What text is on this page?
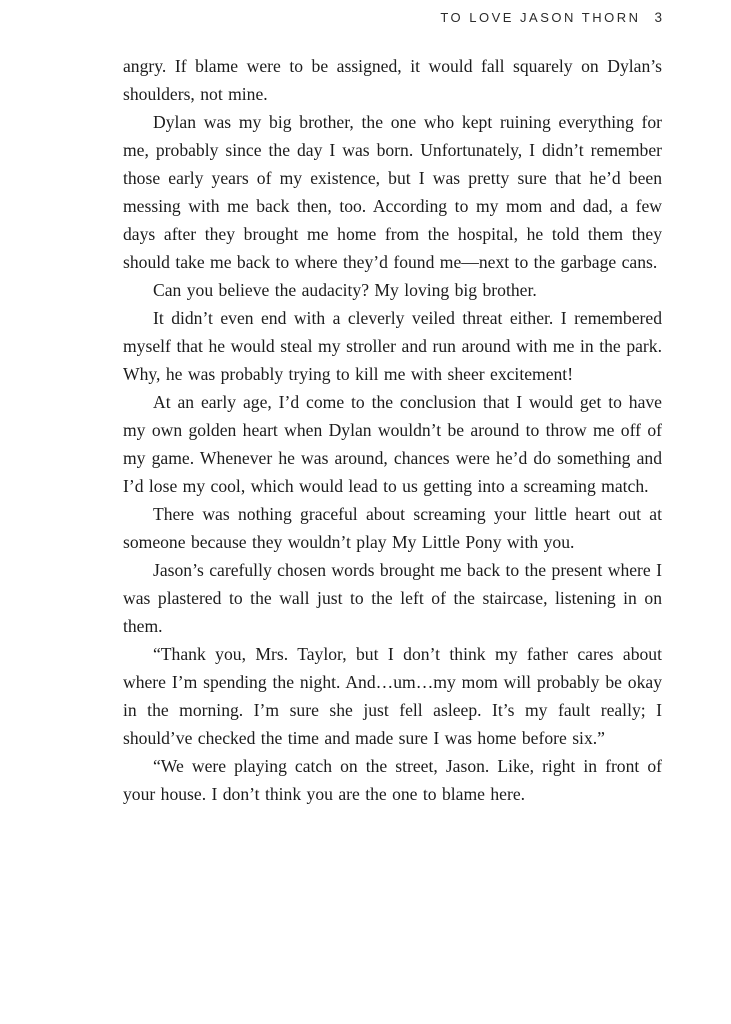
TO LOVE JASON THORN 3

angry. If blame were to be assigned, it would fall squarely on Dylan’s shoulders, not mine.

Dylan was my big brother, the one who kept ruining everything for me, probably since the day I was born. Unfortunately, I didn’t remember those early years of my existence, but I was pretty sure that he’d been messing with me back then, too. According to my mom and dad, a few days after they brought me home from the hospital, he told them they should take me back to where they’d found me—next to the garbage cans.

Can you believe the audacity? My loving big brother.

It didn’t even end with a cleverly veiled threat either. I remembered myself that he would steal my stroller and run around with me in the park. Why, he was probably trying to kill me with sheer excitement!

At an early age, I’d come to the conclusion that I would get to have my own golden heart when Dylan wouldn’t be around to throw me off of my game. Whenever he was around, chances were he’d do something and I’d lose my cool, which would lead to us getting into a screaming match.

There was nothing graceful about screaming your little heart out at someone because they wouldn’t play My Little Pony with you.

Jason’s carefully chosen words brought me back to the present where I was plastered to the wall just to the left of the staircase, listening in on them.

“Thank you, Mrs. Taylor, but I don’t think my father cares about where I’m spending the night. And…um…my mom will probably be okay in the morning. I’m sure she just fell asleep. It’s my fault really; I should’ve checked the time and made sure I was home before six.”

“We were playing catch on the street, Jason. Like, right in front of your house. I don’t think you are the one to blame here.
